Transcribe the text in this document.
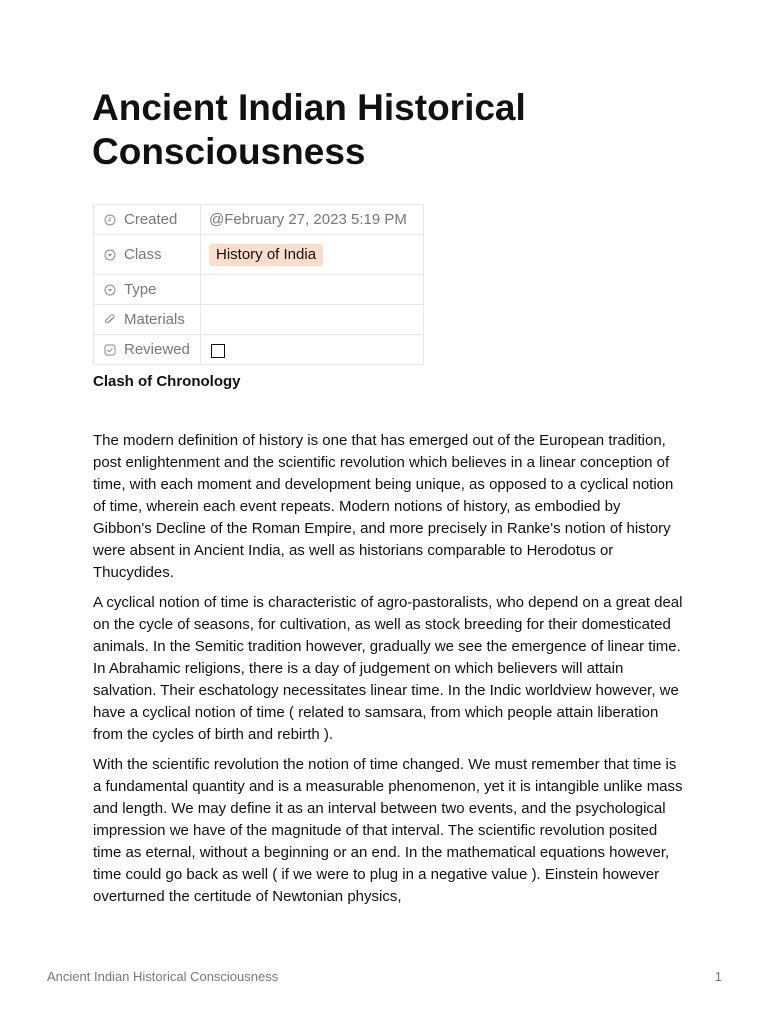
Ancient Indian Historical Consciousness
Created	@February 27, 2023 5:19 PM

Class	History of India

Type	

Materials	

Reviewed	

Clash of Chronology

The modern definition of history is one that has emerged out of the European tradition, post enlightenment and the scientific revolution which believes in a linear conception of time, with each moment and development being unique, as opposed to a cyclical notion of time, wherein each event repeats. Modern notions of history, as embodied by Gibbon's Decline of the Roman Empire, and more precisely in Ranke's notion of history were absent in Ancient India, as well as historians comparable to Herodotus or Thucydides.

A cyclical notion of time is characteristic of agro-pastoralists, who depend on a great deal on the cycle of seasons, for cultivation, as well as stock breeding for their domesticated animals. In the Semitic tradition however, gradually we see the emergence of linear time. In Abrahamic religions, there is a day of judgement on which believers will attain salvation. Their eschatology necessitates linear time. In the Indic worldview however, we have a cyclical notion of time ( related to samsara, from which people attain liberation from the cycles of birth and rebirth ).

With the scientific revolution the notion of time changed. We must remember that time is a fundamental quantity and is a measurable phenomenon, yet it is intangible unlike mass and length. We may define it as an interval between two events, and the psychological impression we have of the magnitude of that interval. The scientific revolution posited time as eternal, without a beginning or an end. In the mathematical equations however, time could go back as well ( if we were to plug in a negative value ). Einstein however overturned the certitude of Newtonian physics,

Ancient Indian Historical Consciousness	1
